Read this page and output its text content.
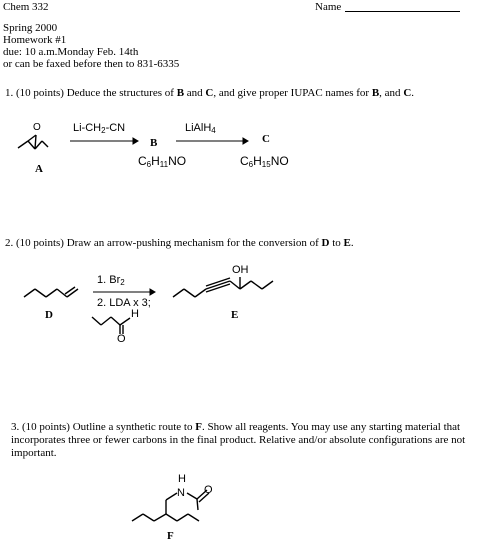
Chem 332	Name
Spring 2000
Homework #1
due: 10 a.m.Monday Feb. 14th
or can be faxed before then to 831-6335
1. (10 points) Deduce the structures of B and C, and give proper IUPAC names for B, and C.
O	$Li-CH_2-CN$	LiAlH$_4$
B	C
A
$C_6H_{11}NO$	$C_6H_{15}NO$
2. (10 points) Draw an arrow-pushing mechanism for the conversion of D to E.
1. $Br_2$
2. LDA x 3;
H
O
OH
D	E
3. (10 points) Outline a synthetic route to F. Show all reagents. You may use any starting material that
incorporates three or fewer carbons in the final product. Relative and/or absolute configurations are not
important.
H
N O
F
